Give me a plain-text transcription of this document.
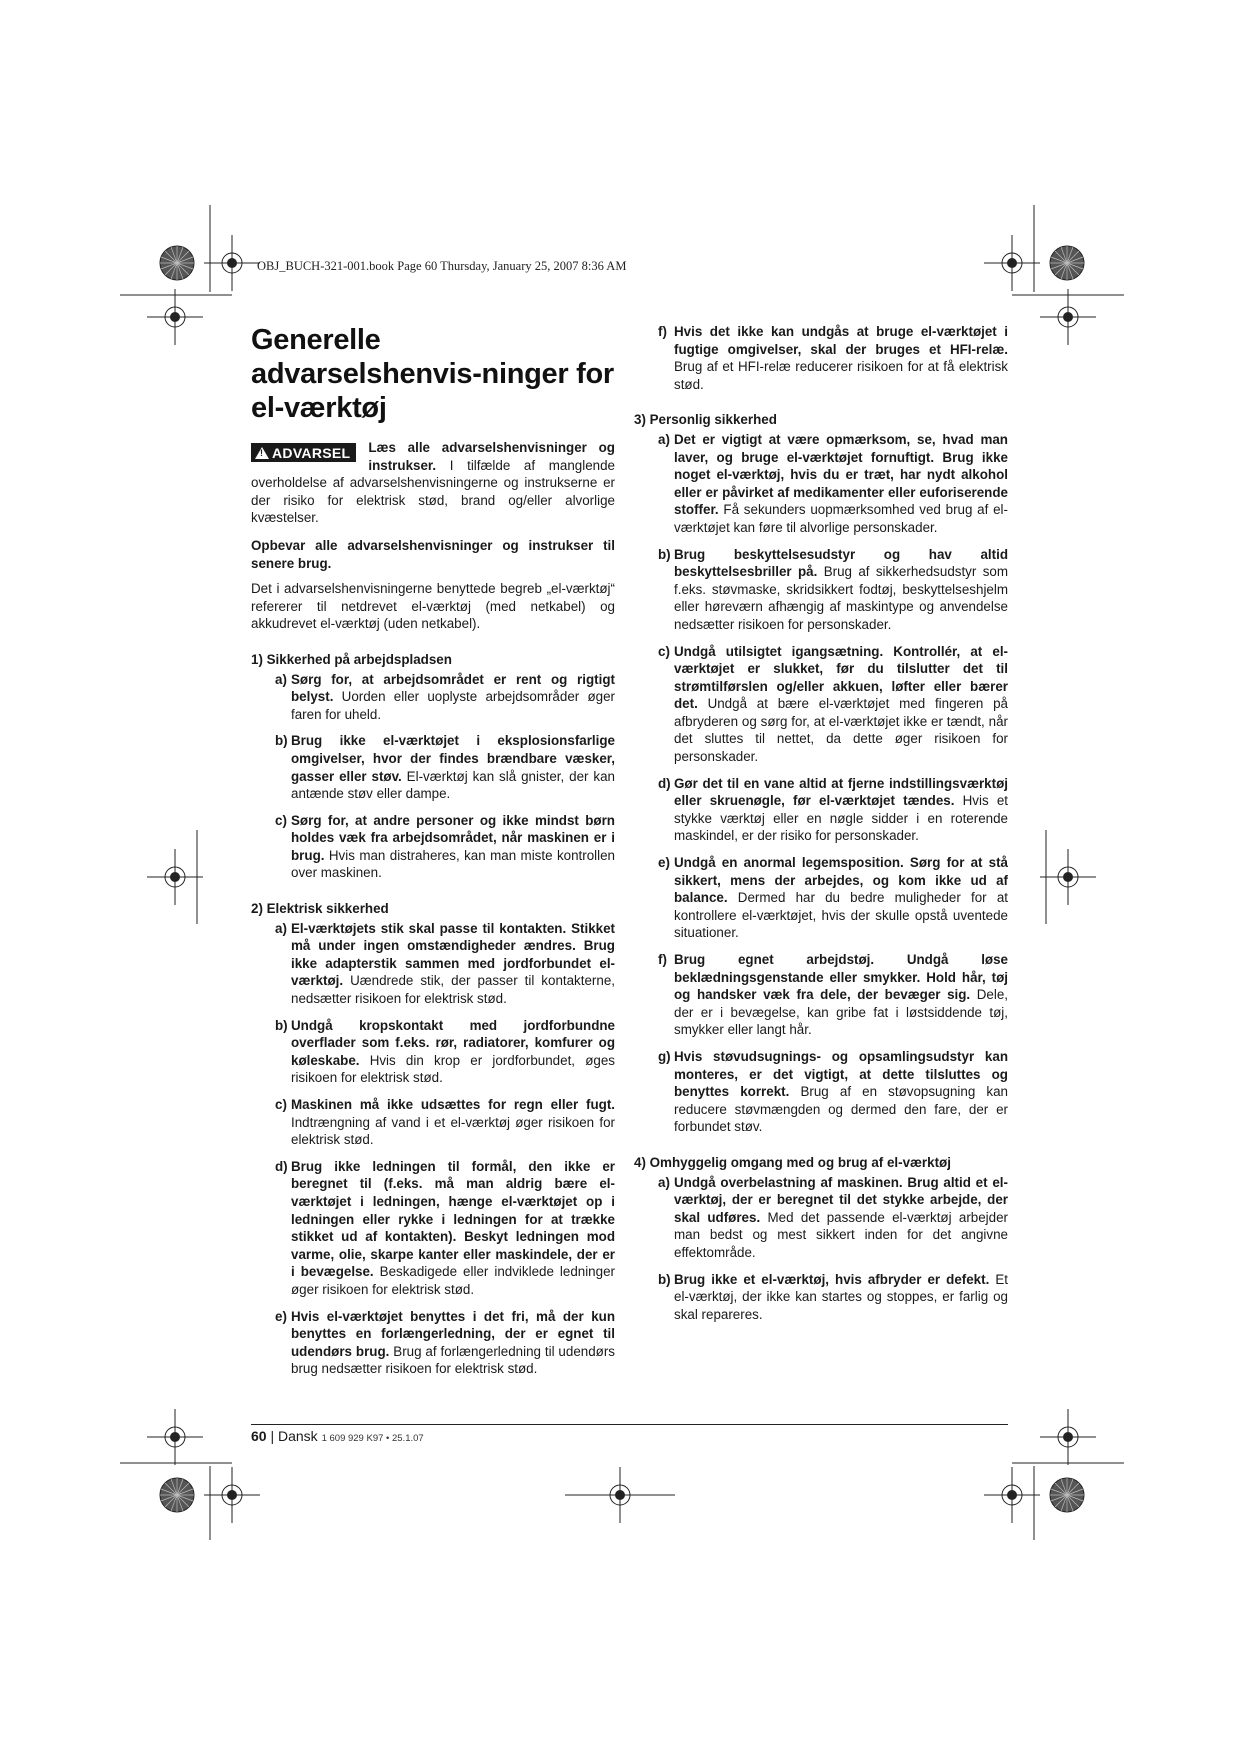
OBJ_BUCH-321-001.book Page 60 Thursday, January 25, 2007 8:36 AM
Generelle advarselshenvis-ninger for el-værktøj
!ADVARSEL	Læs alle advarselshenvisninger og instrukser. I tilfælde af manglende overholdelse af advarselshenvisningerne og instrukserne er der risiko for elektrisk stød, brand og/eller alvorlige kvæstelser.

Opbevar alle advarselshenvisninger og instrukser til senere brug.

Det i advarselshenvisningerne benyttede begreb „el-værktøj“ refererer til netdrevet el-værktøj (med netkabel) og akkudrevet el-værktøj (uden netkabel).

1) Sikkerhed på arbejdspladsen
a) Sørg for, at arbejdsområdet er rent og rigtigt belyst. Uorden eller uoplyste arbejdsområder øger faren for uheld.
b) Brug ikke el-værktøjet i eksplosionsfarlige omgivelser, hvor der findes brændbare væsker, gasser eller støv. El-værktøj kan slå gnister, der kan antænde støv eller dampe.
c) Sørg for, at andre personer og ikke mindst børn holdes væk fra arbejdsområdet, når maskinen er i brug. Hvis man distraheres, kan man miste kontrollen over maskinen.
2) Elektrisk sikkerhed
a) El-værktøjets stik skal passe til kontakten. Stikket må under ingen omstændigheder ændres. Brug ikke adapterstik sammen med jordforbundet el-værktøj. Uændrede stik, der passer til kontakterne, nedsætter risikoen for elektrisk stød.
b) Undgå kropskontakt med jordforbundne overflader som f.eks. rør, radiatorer, komfurer og køleskabe. Hvis din krop er jordforbundet, øges risikoen for elektrisk stød.
c) Maskinen må ikke udsættes for regn eller fugt. Indtrængning af vand i et el-værktøj øger risikoen for elektrisk stød.
d) Brug ikke ledningen til formål, den ikke er beregnet til (f.eks. må man aldrig bære el-værktøjet i ledningen, hænge el-værktøjet op i ledningen eller rykke i ledningen for at trække stikket ud af kontakten). Beskyt ledningen mod varme, olie, skarpe kanter eller maskindele, der er i bevægelse. Beskadigede eller indviklede ledninger øger risikoen for elektrisk stød.
e) Hvis el-værktøjet benyttes i det fri, må der kun benyttes en forlængerledning, der er egnet til udendørs brug. Brug af forlængerledning til udendørs brug nedsætter risikoen for elektrisk stød.
f) Hvis det ikke kan undgås at bruge el-værktøjet i fugtige omgivelser, skal der bruges et HFI-relæ. Brug af et HFI-relæ reducerer risikoen for at få elektrisk stød.
3) Personlig sikkerhed
a) Det er vigtigt at være opmærksom, se, hvad man laver, og bruge el-værktøjet fornuftigt. Brug ikke noget el-værktøj, hvis du er træt, har nydt alkohol eller er påvirket af medikamenter eller euforiserende stoffer. Få sekunders uopmærksomhed ved brug af el-værktøjet kan føre til alvorlige personskader.
b) Brug beskyttelsesudstyr og hav altid beskyttelsesbriller på. Brug af sikkerhedsudstyr som f.eks. støvmaske, skridsikkert fodtøj, beskyttelseshjelm eller høreværn afhængig af maskintype og anvendelse nedsætter risikoen for personskader.
c) Undgå utilsigtet igangsætning. Kontrollér, at el-værktøjet er slukket, før du tilslutter det til strømtilførslen og/eller akkuen, løfter eller bærer det. Undgå at bære el-værktøjet med fingeren på afbryderen og sørg for, at el-værktøjet ikke er tændt, når det sluttes til nettet, da dette øger risikoen for personskader.
d) Gør det til en vane altid at fjerne indstillingsværktøj eller skruenøgle, før el-værktøjet tændes. Hvis et stykke værktøj eller en nøgle sidder i en roterende maskindel, er der risiko for personskader.
e) Undgå en anormal legemsposition. Sørg for at stå sikkert, mens der arbejdes, og kom ikke ud af balance. Dermed har du bedre muligheder for at kontrollere el-værktøjet, hvis der skulle opstå uventede situationer.
f) Brug egnet arbejdstøj. Undgå løse beklædningsgenstande eller smykker. Hold hår, tøj og handsker væk fra dele, der bevæger sig. Dele, der er i bevægelse, kan gribe fat i løstsiddende tøj, smykker eller langt hår.
g) Hvis støvudsugnings- og opsamlingsudstyr kan monteres, er det vigtigt, at dette tilsluttes og benyttes korrekt. Brug af en støvopsugning kan reducere støvmængden og dermed den fare, der er forbundet støv.
4) Omhyggelig omgang med og brug af el-værktøj
a) Undgå overbelastning af maskinen. Brug altid et el-værktøj, der er beregnet til det stykke arbejde, der skal udføres. Med det passende el-værktøj arbejder man bedst og mest sikkert inden for det angivne effektområde.
b) Brug ikke et el-værktøj, hvis afbryder er defekt. Et el-værktøj, der ikke kan startes og stoppes, er farlig og skal repareres.
60 | Dansk 1 609 929 K97 • 25.1.07
